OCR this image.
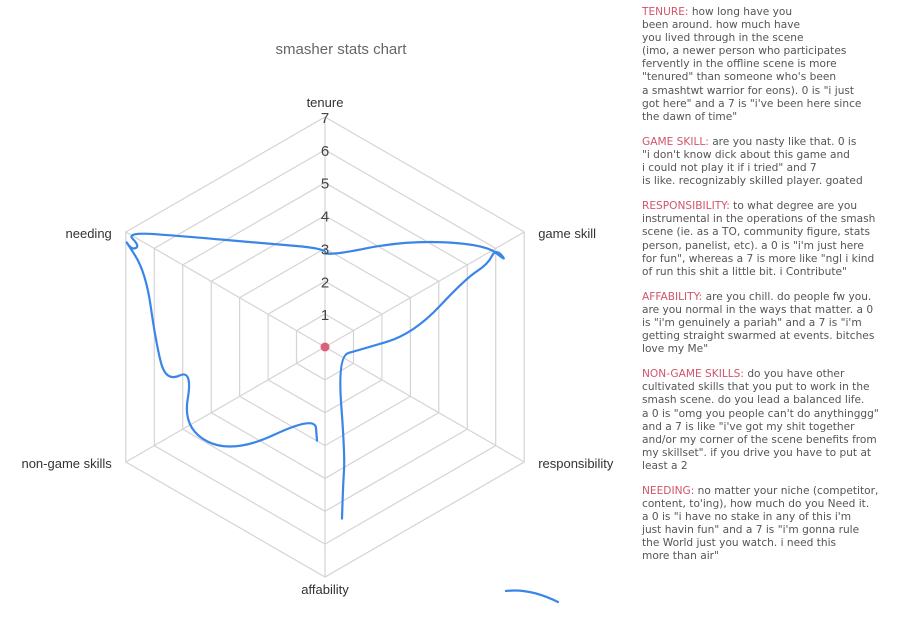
smasher stats chart
1
2
3
4
5
6
7
tenure
game skill
responsibility
affability
non-game skills
needing
TENURE: how long have you
been around. how much have
you lived through in the scene
(imo, a newer person who participates
fervently in the offline scene is more
"tenured" than someone who's been
a smashtwt warrior for eons). 0 is "i just
got here" and a 7 is "i've been here since
the dawn of time"
GAME SKILL: are you nasty like that. 0 is
"i don't know dick about this game and
i could not play it if i tried" and 7
is like. recognizably skilled player. goated
RESPONSIBILITY: to what degree are you
instrumental in the operations of the smash
scene (ie. as a TO, community figure, stats
person, panelist, etc). a 0 is "i'm just here
for fun", whereas a 7 is more like "ngl i kind
of run this shit a little bit. i Contribute"
AFFABILITY: are you chill. do people fw you.
are you normal in the ways that matter. a 0
is "i'm genuinely a pariah" and a 7 is "i'm
getting straight swarmed at events. bitches
love my Me"
NON-GAME SKILLS: do you have other
cultivated skills that you put to work in the
smash scene. do you lead a balanced life.
a 0 is "omg you people can't do anythinggg"
and a 7 is like "i've got my shit together
and/or my corner of the scene benefits from
my skillset". if you drive you have to put at
least a 2
NEEDING: no matter your niche (competitor,
content, to'ing), how much do you Need it.
a 0 is "i have no stake in any of this i'm
just havin fun" and a 7 is "i'm gonna rule
the World just you watch. i need this
more than air"
